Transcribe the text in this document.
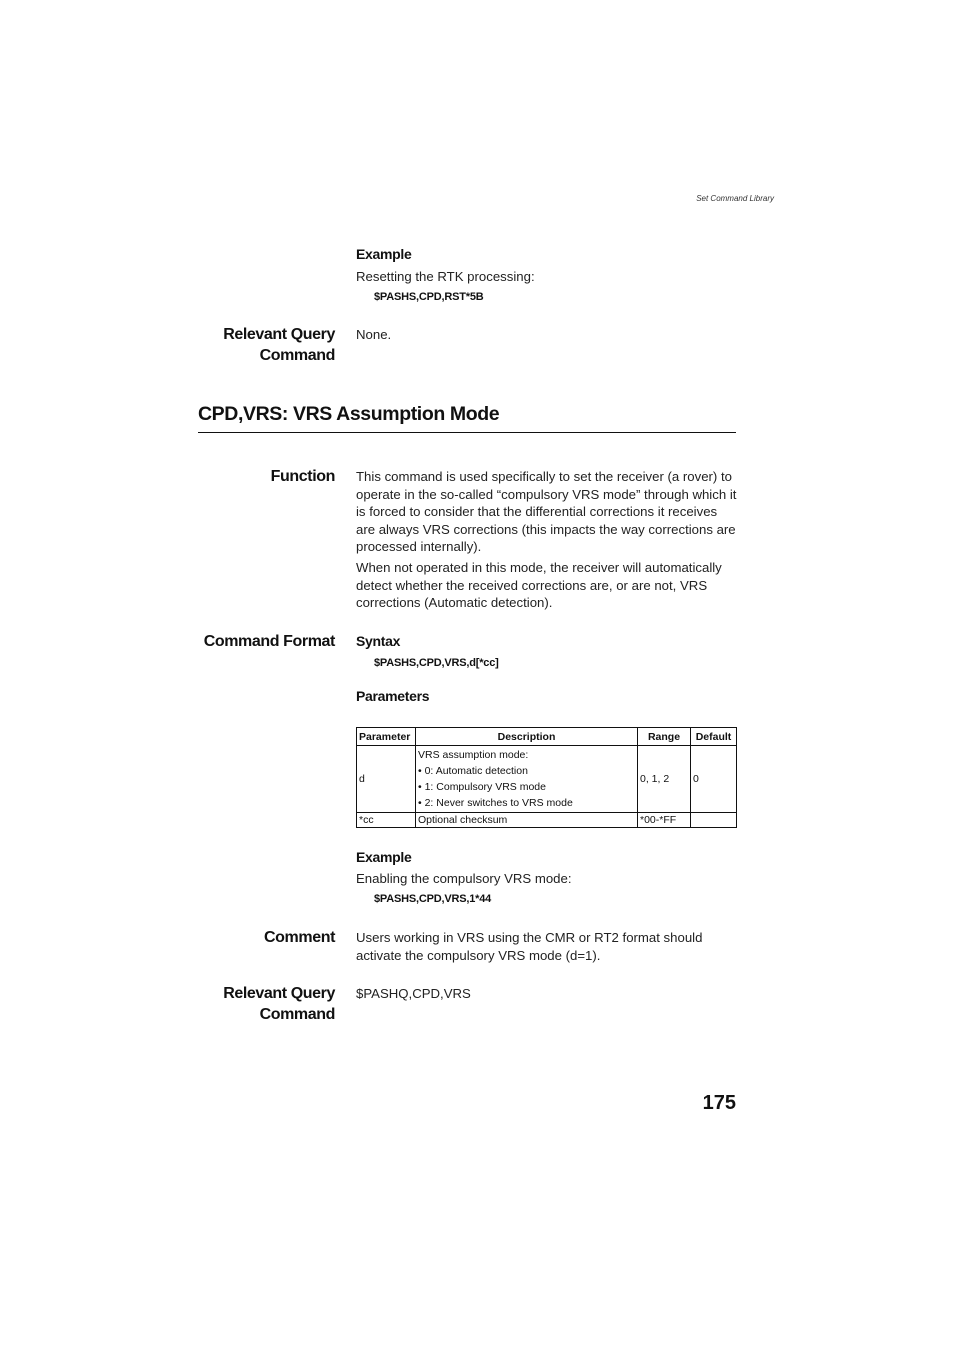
Set Command Library
Example
Resetting the RTK processing:
$PASHS,CPD,RST*5B
Relevant Query
Command
None.
CPD,VRS: VRS Assumption Mode
Function This command is used specifically to set the receiver (a rover) to operate in the so-called “compulsory VRS mode” through which it is forced to consider that the differential corrections it receives are always VRS corrections (this impacts the way corrections are processed internally).
When not operated in this mode, the receiver will automatically detect whether the received corrections are, or are not, VRS corrections (Automatic detection).
Command Format Syntax
$PASHS,CPD,VRS,d[*cc]
Parameters
Parameter	Description	Range	Default
d	VRS assumption mode:
• 0: Automatic detection
• 1: Compulsory VRS mode
• 2: Never switches to VRS mode	0, 1, 2	0
*cc	Optional checksum	*00-*FF	
Example
Enabling the compulsory VRS mode:
$PASHS,CPD,VRS,1*44
Comment Users working in VRS using the CMR or RT2 format should activate the compulsory VRS mode (d=1).
Relevant Query
Command
$PASHQ,CPD,VRS
175
